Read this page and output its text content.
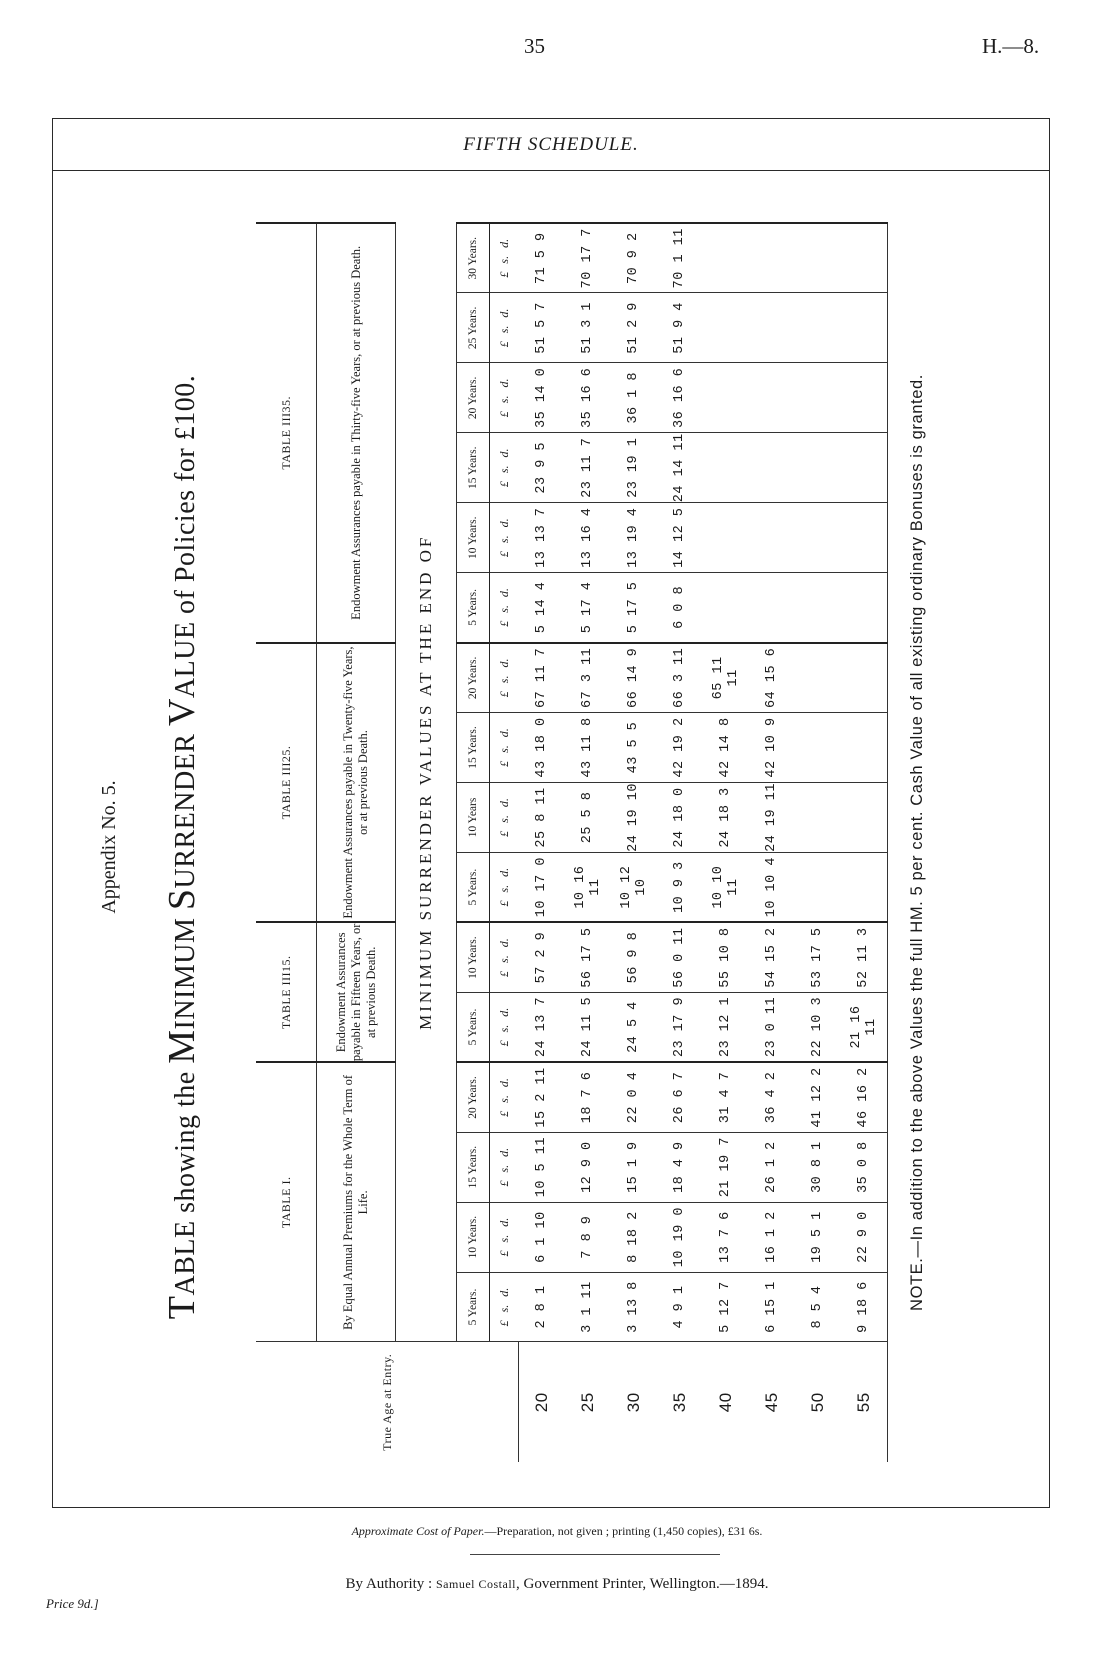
35	H.—8.
FIFTH SCHEDULE.
Appendix No. 5.
TABLE showing the MINIMUM SURRENDER VALUE of Policies for £100.
True Age at Entry.	TABLE I.				TABLE III15.		TABLE III25.				TABLE III35.					
	By Equal Annual Premiums for the Whole Term of Life.				Endowment Assurances payable in Fifteen Years, or at previous Death.		Endowment Assurances payable in Twenty-five Years, or at previous Death.				Endowment Assurances payable in Thirty-five Years, or at previous Death.					
	MINIMUM SURRENDER VALUES AT THE END OF															
	5 Years.	10 Years.	15 Years.	20 Years.	5 Years.	10 Years.	5 Years.	10 Years	15 Years.	20 Years.	5 Years.	10 Years.	15 Years.	20 Years.	25 Years.	30 Years.
	£s.d.	£s.d.	£s.d.	£s.d.	£s.d.	£s.d.	£s.d.	£s.d.	£s.d.	£s.d.	£s.d.	£s.d.	£s.d.	£s.d.	£s.d.	£s.d.
20	2 8 1	6 1 10	10 5 11	15 2 11	24 13 7	57 2 9	10 17 0	25 8 11	43 18 0	67 11 7	5 14 4	13 13 7	23 9 5	35 14 0	51 5 7	71 5 9
25	3 1 11	7 8 9	12 9 0	18 7 6	24 11 5	56 17 5	10 16 11	25 5 8	43 11 8	67 3 11	5 17 4	13 16 4	23 11 7	35 16 6	51 3 1	70 17 7
30	3 13 8	8 18 2	15 1 9	22 0 4	24 5 4	56 9 8	10 12 10	24 19 10	43 5 5	66 14 9	5 17 5	13 19 4	23 19 1	36 1 8	51 2 9	70 9 2
35	4 9 1	10 19 0	18 4 9	26 6 7	23 17 9	56 0 11	10 9 3	24 18 0	42 19 2	66 3 11	6 0 8	14 12 5	24 14 11	36 16 6	51 9 4	70 1 11
40	5 12 7	13 7 6	21 19 7	31 4 7	23 12 1	55 10 8	10 10 11	24 18 3	42 14 8	65 11 11						
45	6 15 1	16 1 2	26 1 2	36 4 2	23 0 11	54 15 2	10 10 4	24 19 11	42 10 9	64 15 6						
50	8 5 4	19 5 1	30 8 1	41 12 2	22 10 3	53 17 5										
55	9 18 6	22 9 0	35 0 8	46 16 2	21 16 11	52 11 3										
NOTE.—In addition to the above Values the full HM. 5 per cent. Cash Value of all existing ordinary Bonuses is granted.																
Approximate Cost of Paper.—Preparation, not given ; printing (1,450 copies), £31 6s.
By Authority : Samuel Costall, Government Printer, Wellington.—1894.
Price 9d.]
